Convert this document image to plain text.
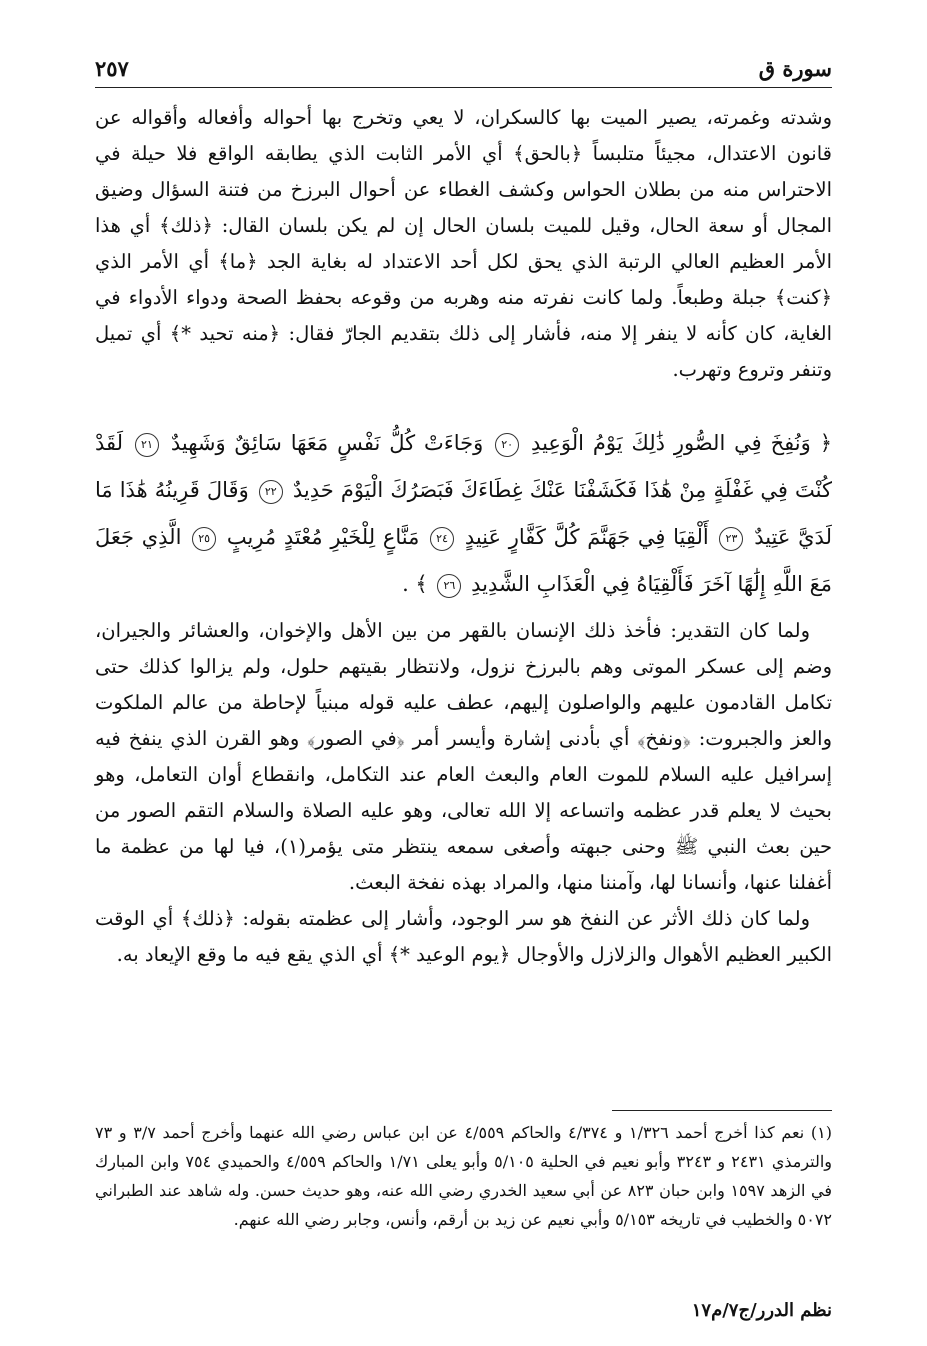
سورة ق
٢٥٧

وشدته وغمرته، يصير الميت بها كالسكران، لا يعي وتخرج بها أحواله وأفعاله وأقواله عن قانون الاعتدال، مجيئاً متلبساً ﴿بالحق﴾ أي الأمر الثابت الذي يطابقه الواقع فلا حيلة في الاحتراس منه من بطلان الحواس وكشف الغطاء عن أحوال البرزخ من فتنة السؤال وضيق المجال أو سعة الحال، وقيل للميت بلسان الحال إن لم يكن بلسان القال: ﴿ذلك﴾ أي هذا الأمر العظيم العالي الرتبة الذي يحق لكل أحد الاعتداد له بغاية الجد ﴿ما﴾ أي الأمر الذي ﴿كنت﴾ جبلة وطبعاً. ولما كانت نفرته منه وهربه من وقوعه بحفظ الصحة ودواء الأدواء في الغاية، كان كأنه لا ينفر إلا منه، فأشار إلى ذلك بتقديم الجارّ فقال: ﴿منه تحيد *﴾ أي تميل وتنفر وتروع وتهرب.

﴿ وَنُفِخَ فِي الصُّورِ ذَٰلِكَ يَوْمُ الْوَعِيدِ ٢٠ وَجَاءَتْ كُلُّ نَفْسٍ مَعَهَا سَائِقٌ وَشَهِيدٌ ٢١ لَقَدْ كُنْتَ فِي غَفْلَةٍ مِنْ هَٰذَا فَكَشَفْنَا عَنْكَ غِطَاءَكَ فَبَصَرُكَ الْيَوْمَ حَدِيدٌ ٢٢ وَقَالَ قَرِينُهُ هَٰذَا مَا لَدَيَّ عَتِيدٌ ٢٣ أَلْقِيَا فِي جَهَنَّمَ كُلَّ كَفَّارٍ عَنِيدٍ ٢٤ مَنَّاعٍ لِلْخَيْرِ مُعْتَدٍ مُرِيبٍ ٢٥ الَّذِي جَعَلَ مَعَ اللَّهِ إِلَٰهًا آخَرَ فَأَلْقِيَاهُ فِي الْعَذَابِ الشَّدِيدِ ٢٦ ﴾ .

ولما كان التقدير: فأخذ ذلك الإنسان بالقهر من بين الأهل والإخوان، والعشائر والجيران، وضم إلى عسكر الموتى وهم بالبرزخ نزول، ولانتظار بقيتهم حلول، ولم يزالوا كذلك حتى تكامل القادمون عليهم والواصلون إليهم، عطف عليه قوله مبنياً لإحاطة من عالم الملكوت والعز والجبروت: ﴿ونفخ﴾ أي بأدنى إشارة وأيسر أمر ﴿في الصور﴾ وهو القرن الذي ينفخ فيه إسرافيل عليه السلام للموت العام والبعث العام عند التكامل، وانقطاع أوان التعامل، وهو بحيث لا يعلم قدر عظمه واتساعه إلا الله تعالى، وهو عليه الصلاة والسلام التقم الصور من حين بعث النبي ﷺ وحنى جبهته وأصغى سمعه ينتظر متى يؤمر(١)، فيا لها من عظمة ما أغفلنا عنها، وأنسانا لها، وآمننا منها، والمراد بهذه نفخة البعث.

ولما كان ذلك الأثر عن النفخ هو سر الوجود، وأشار إلى عظمته بقوله: ﴿ذلك﴾ أي الوقت الكبير العظيم الأهوال والزلازل والأوجال ﴿يوم الوعيد *﴾ أي الذي يقع فيه ما وقع الإيعاد به.

(١) نعم كذا أخرج أحمد ١/٣٢٦ و ٤/٣٧٤ والحاكم ٤/٥٥٩ عن ابن عباس رضي الله عنهما وأخرج أحمد ٣/٧ و ٧٣ والترمذي ٢٤٣١ و ٣٢٤٣ وأبو نعيم في الحلية ٥/١٠٥ وأبو يعلى ١/٧١ والحاكم ٤/٥٥٩ والحميدي ٧٥٤ وابن المبارك في الزهد ١٥٩٧ وابن حبان ٨٢٣ عن أبي سعيد الخدري رضي الله عنه، وهو حديث حسن. وله شاهد عند الطبراني ٥٠٧٢ والخطيب في تاريخه ٥/١٥٣ وأبي نعيم عن زيد بن أرقم، وأنس، وجابر رضي الله عنهم.

نظم الدرر/ج٧/م١٧
